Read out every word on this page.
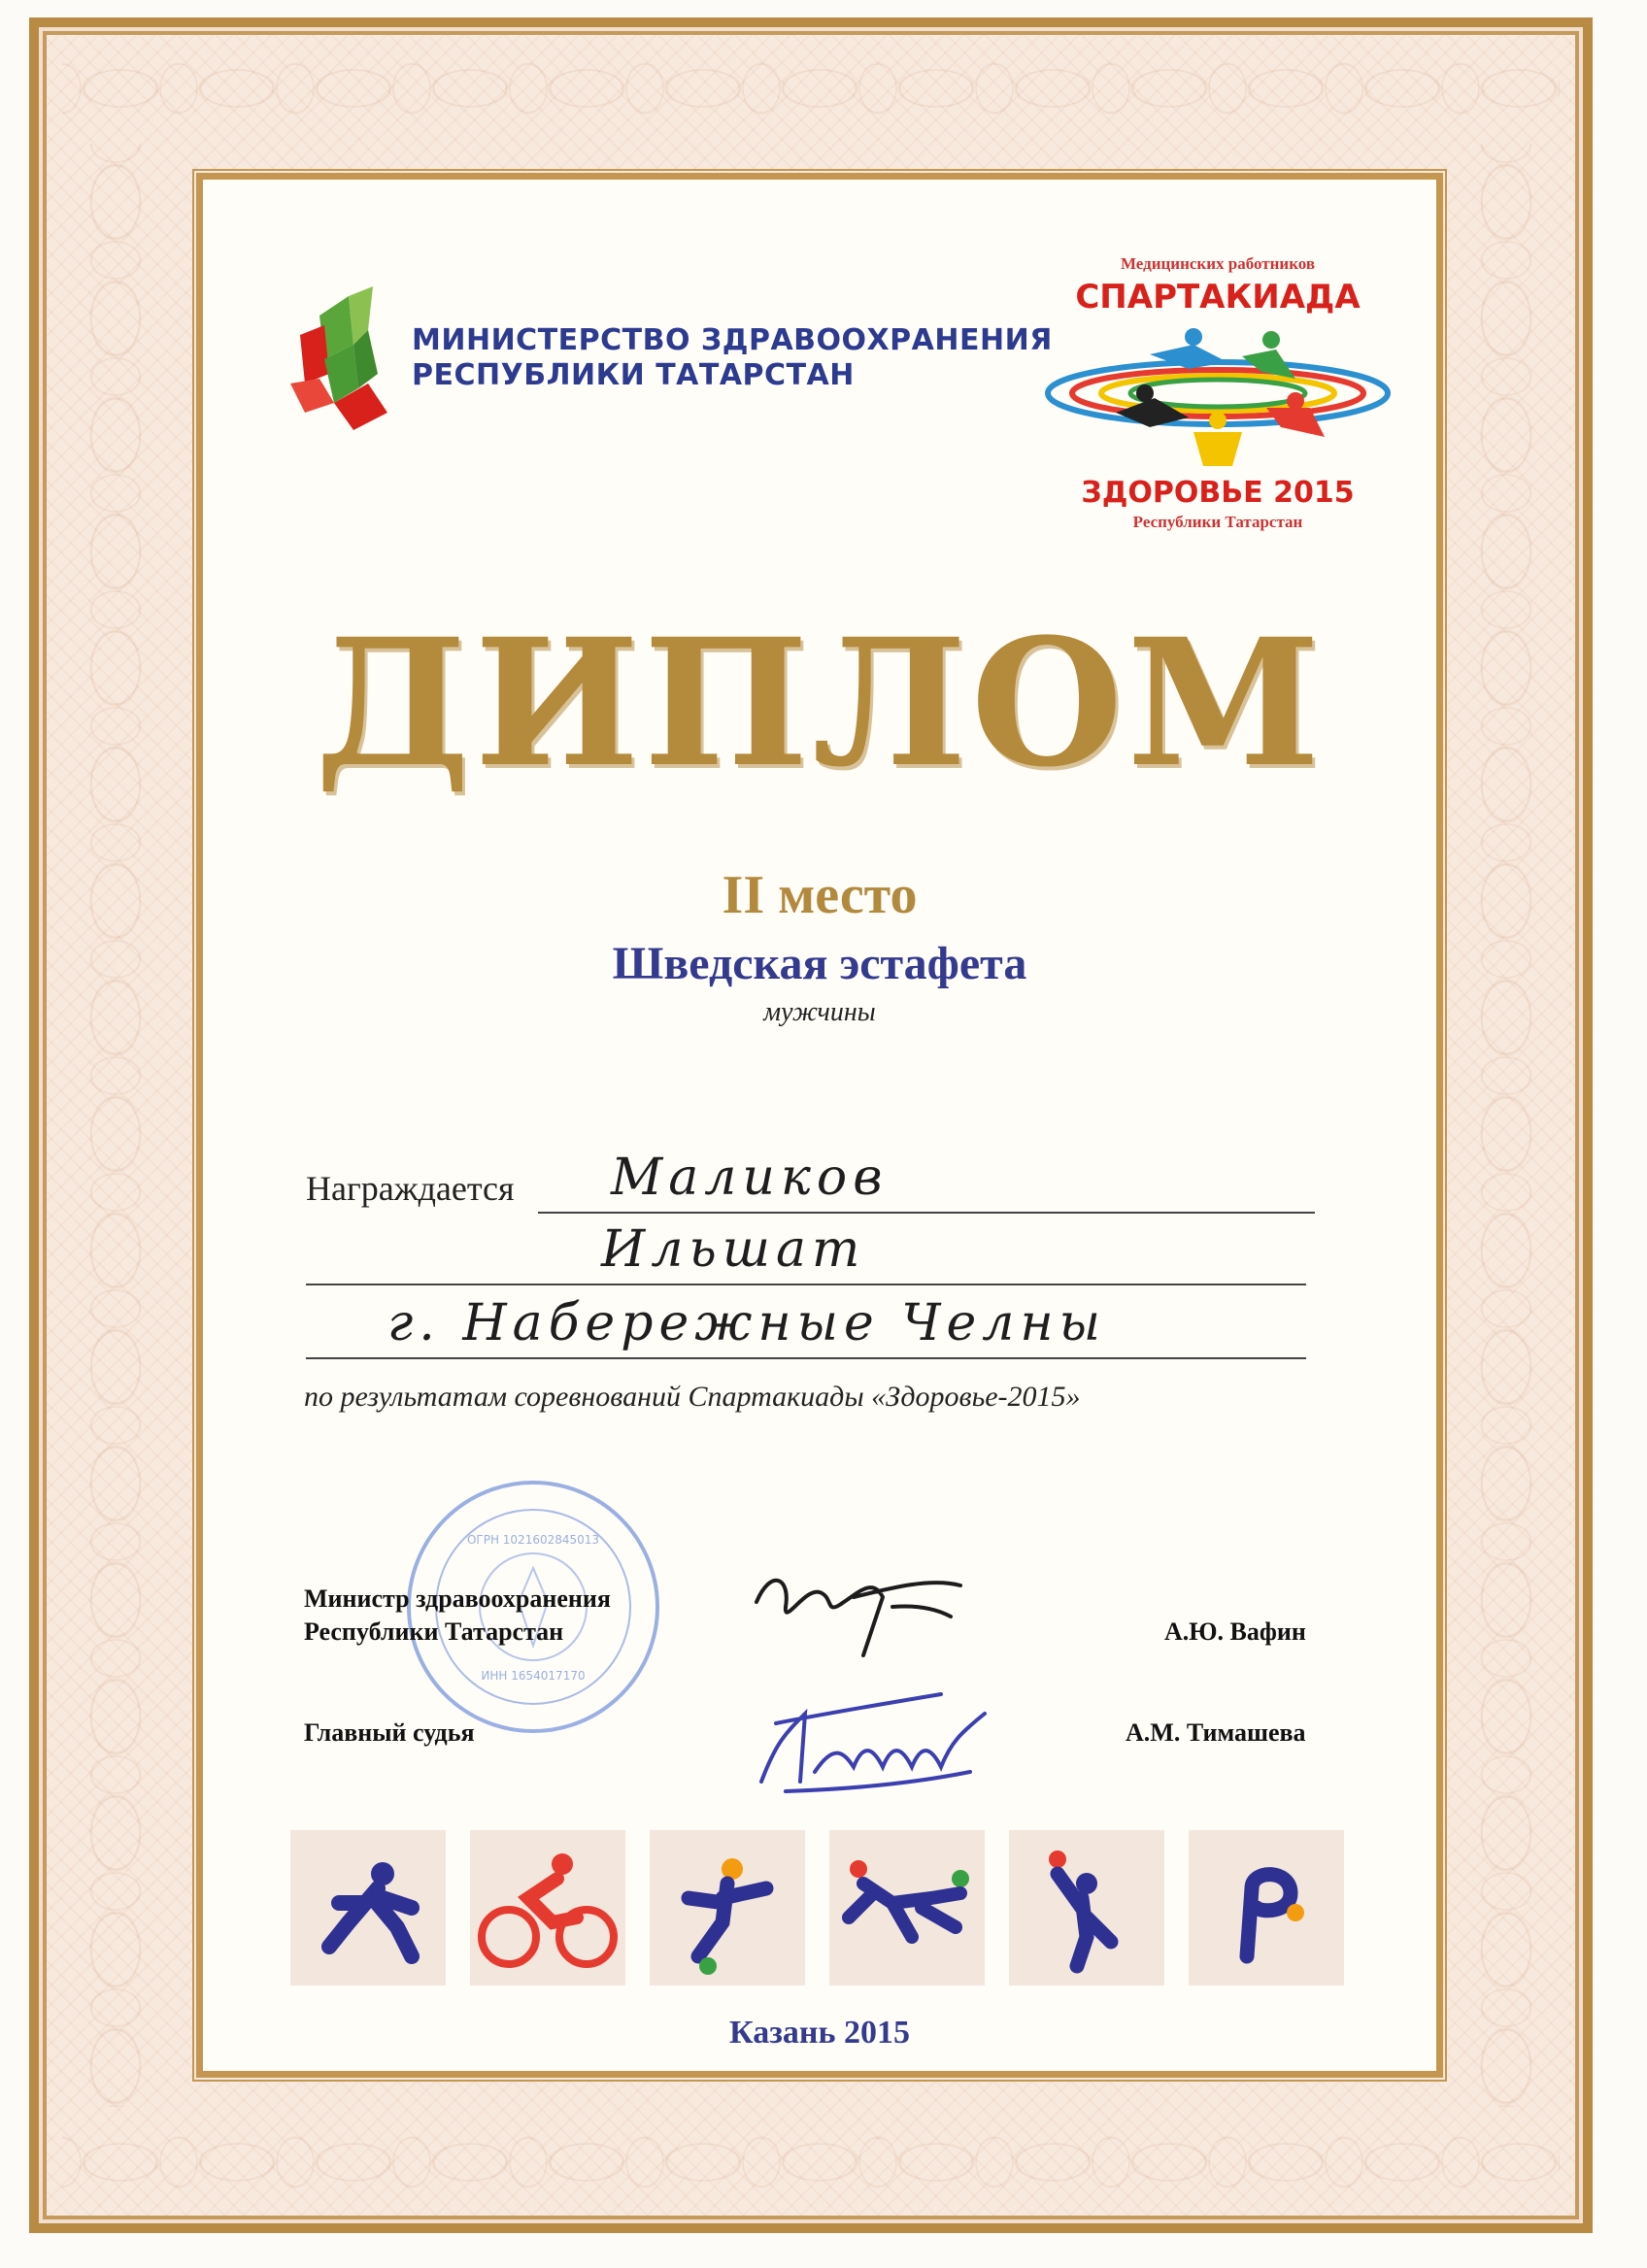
МИНИСТЕРСТВО ЗДРАВООХРАНЕНИЯ
РЕСПУБЛИКИ ТАТАРСТАН
Медицинских работников
СПАРТАКИАДА
ЗДОРОВЬЕ 2015
Республики Татарстан
ДИПЛОМ
II место
Шведская эстафета
мужчины
Награждается Маликов
Ильшат
г. Набережные Челны
по результатам соревнований Спартакиады «Здоровье-2015»
ОГРН 1021602845013
ИНН 1654017170
Министр здравоохранения
Республики Татарстан	А.Ю. Вафин
Главный судья	А.М. Тимашева
Казань 2015
